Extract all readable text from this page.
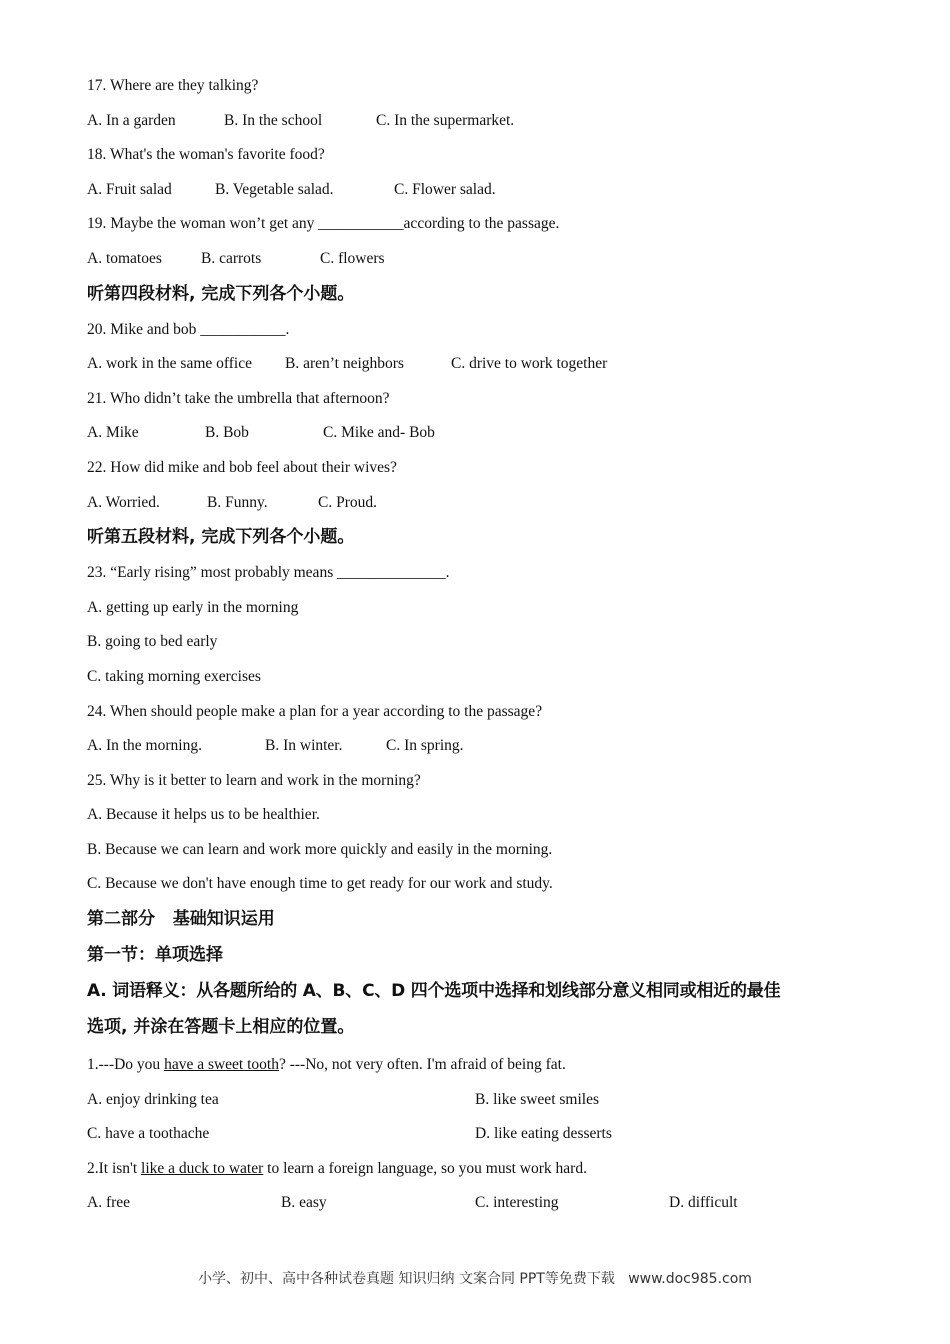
17. Where are they talking?
A. In a garden	B. In the school	C. In the supermarket.
18. What's the woman's favorite food?
A. Fruit salad	B. Vegetable salad.	C. Flower salad.
19. Maybe the woman won’t get any ___________according to the passage.
A. tomatoes	B. carrots	C. flowers
听第四段材料, 完成下列各个小题。
20. Mike and bob ___________.
A. work in the same office B. aren’t neighbors	C. drive to work together
21. Who didn’t take the umbrella that afternoon?
A. Mike	B. Bob	C. Mike and- Bob
22. How did mike and bob feel about their wives?
A. Worried.	B. Funny.	C. Proud.
听第五段材料, 完成下列各个小题。
23. “Early rising” most probably means ______________.
A. getting up early in the morning
B. going to bed early
C. taking morning exercises
24. When should people make a plan for a year according to the passage?
A. In the morning.	B. In winter.	C. In spring.
25. Why is it better to learn and work in the morning?
A. Because it helps us to be healthier.
B. Because we can learn and work more quickly and easily in the morning.
C. Because we don't have enough time to get ready for our work and study.
第二部分   基础知识运用
第一节：单项选择
A. 词语释义：从各题所给的 A、B、C、D 四个选项中选择和划线部分意义相同或相近的最佳
选项, 并涂在答题卡上相应的位置。
1.---Do you have a sweet tooth? ---No, not very often. I'm afraid of being fat.
A. enjoy drinking tea	B. like sweet smiles
C. have a toothache	D. like eating desserts
2.It isn't like a duck to water to learn a foreign language, so you must work hard.
A. free	B. easy	C. interesting	D. difficult
小学、初中、高中各种试卷真题 知识归纳 文案合同 PPT等免费下载   www.doc985.com
